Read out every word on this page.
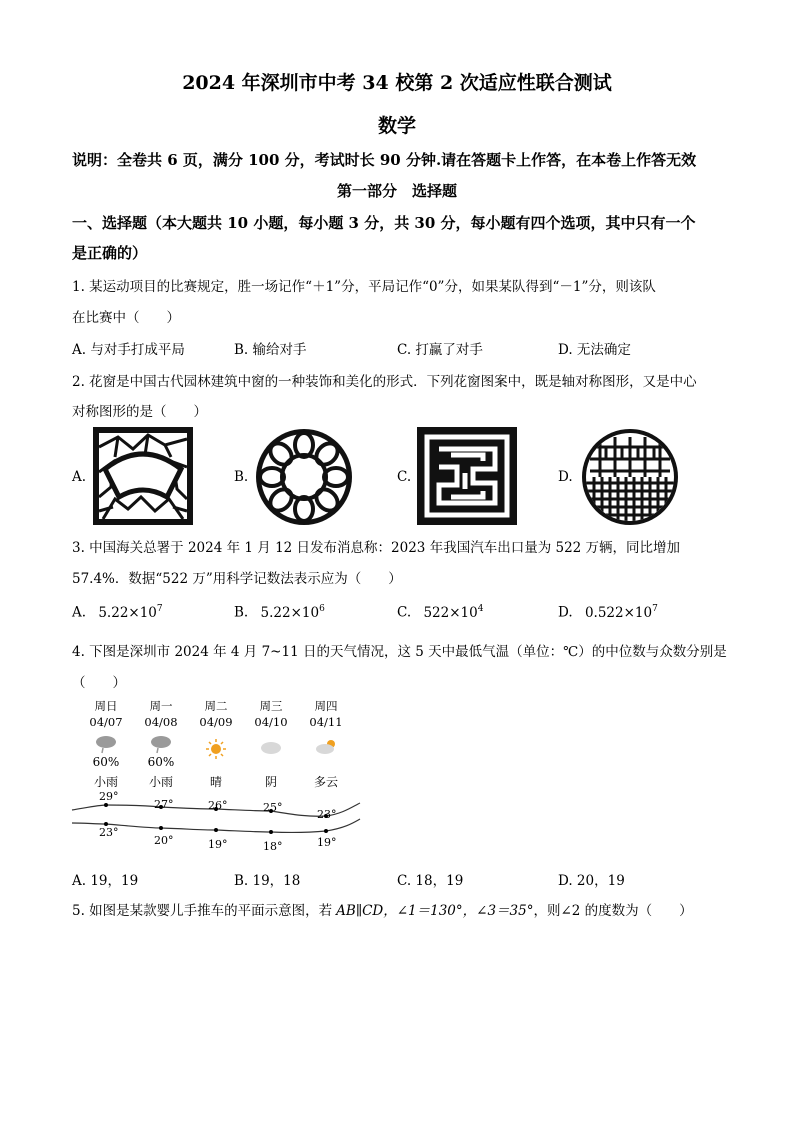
2024 年深圳市中考 34 校第 2 次适应性联合测试
数学
说明：全卷共 6 页，满分 100 分，考试时长 90 分钟.请在答题卡上作答，在本卷上作答无效
第一部分　选择题
一、选择题（本大题共 10 小题，每小题 3 分，共 30 分，每小题有四个选项，其中只有一个
是正确的）
1. 某运动项目的比赛规定，胜一场记作“＋1”分，平局记作“0”分，如果某队得到“－1”分，则该队
在比赛中（　　）
A. 与对手打成平局	B. 输给对手	C. 打赢了对手	D. 无法确定
2. 花窗是中国古代园林建筑中窗的一种装饰和美化的形式．下列花窗图案中，既是轴对称图形，又是中心
对称图形的是（　　）
A.	B.	C.	D.
3. 中国海关总署于 2024 年 1 月 12 日发布消息称：2023 年我国汽车出口量为 522 万辆，同比增加
57.4%．数据“522 万”用科学记数法表示应为（　　）
A. $5.22\times 10^7$	B. $5.22\times 10^6$	C. $522\times 10^4$	D. $0.522\times 10^7$
4. 下图是深圳市 2024 年 4 月 7~11 日的天气情况，这 5 天中最低气温（单位：℃）的中位数与众数分别是
（　　）
周日	周一	周二	周三	周四
04/07	04/08	04/09	04/10	04/11
60%	60%
小雨	小雨	晴	阴	多云
29°
27°	26°	25°
23°
23°
20°	19°	18°	19°
A. 19，19	B. 19，18	C. 18，19	D. 20，19
5. 如图是某款婴儿手推车的平面示意图，若 AB∥CD，∠1＝130°，∠3＝35°，则∠2 的度数为（　　）
